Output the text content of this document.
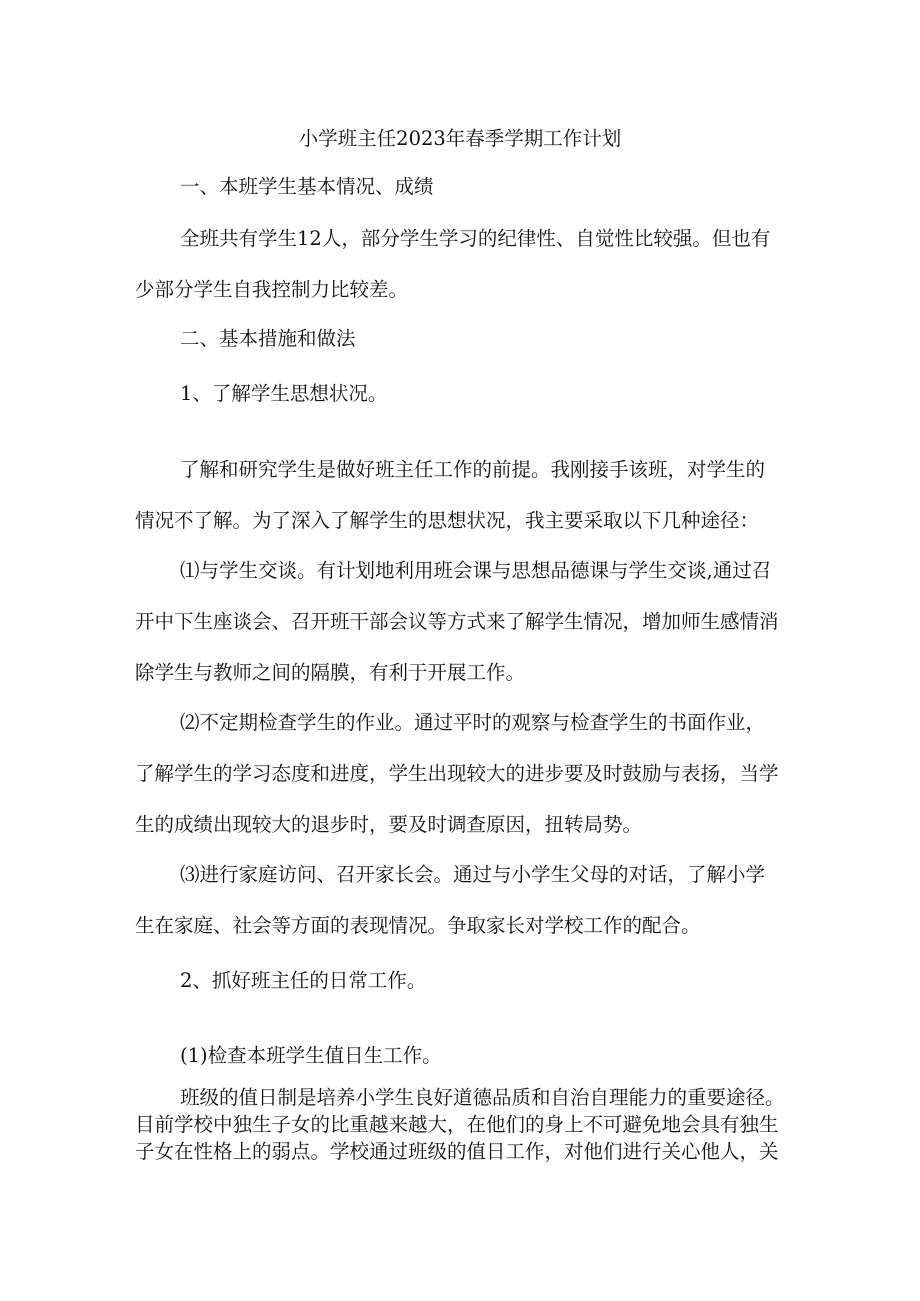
小学班主任2023年春季学期工作计划

一、本班学生基本情况、成绩

全班共有学生12人，部分学生学习的纪律性、自觉性比较强。但也有

少部分学生自我控制力比较差。

二、基本措施和做法

1、了解学生思想状况。

了解和研究学生是做好班主任工作的前提。我刚接手该班，对学生的

情况不了解。为了深入了解学生的思想状况，我主要采取以下几种途径：

⑴与学生交谈。有计划地利用班会课与思想品德课与学生交谈,通过召

开中下生座谈会、召开班干部会议等方式来了解学生情况，增加师生感情消

除学生与教师之间的隔膜，有利于开展工作。

⑵不定期检查学生的作业。通过平时的观察与检查学生的书面作业，

了解学生的学习态度和进度，学生出现较大的进步要及时鼓励与表扬，当学

生的成绩出现较大的退步时，要及时调查原因，扭转局势。

⑶进行家庭访问、召开家长会。通过与小学生父母的对话，了解小学

生在家庭、社会等方面的表现情况。争取家长对学校工作的配合。

2、抓好班主任的日常工作。

(1)检查本班学生值日生工作。

班级的值日制是培养小学生良好道德品质和自治自理能力的重要途径。

目前学校中独生子女的比重越来越大，在他们的身上不可避免地会具有独生

子女在性格上的弱点。学校通过班级的值日工作，对他们进行关心他人，关
